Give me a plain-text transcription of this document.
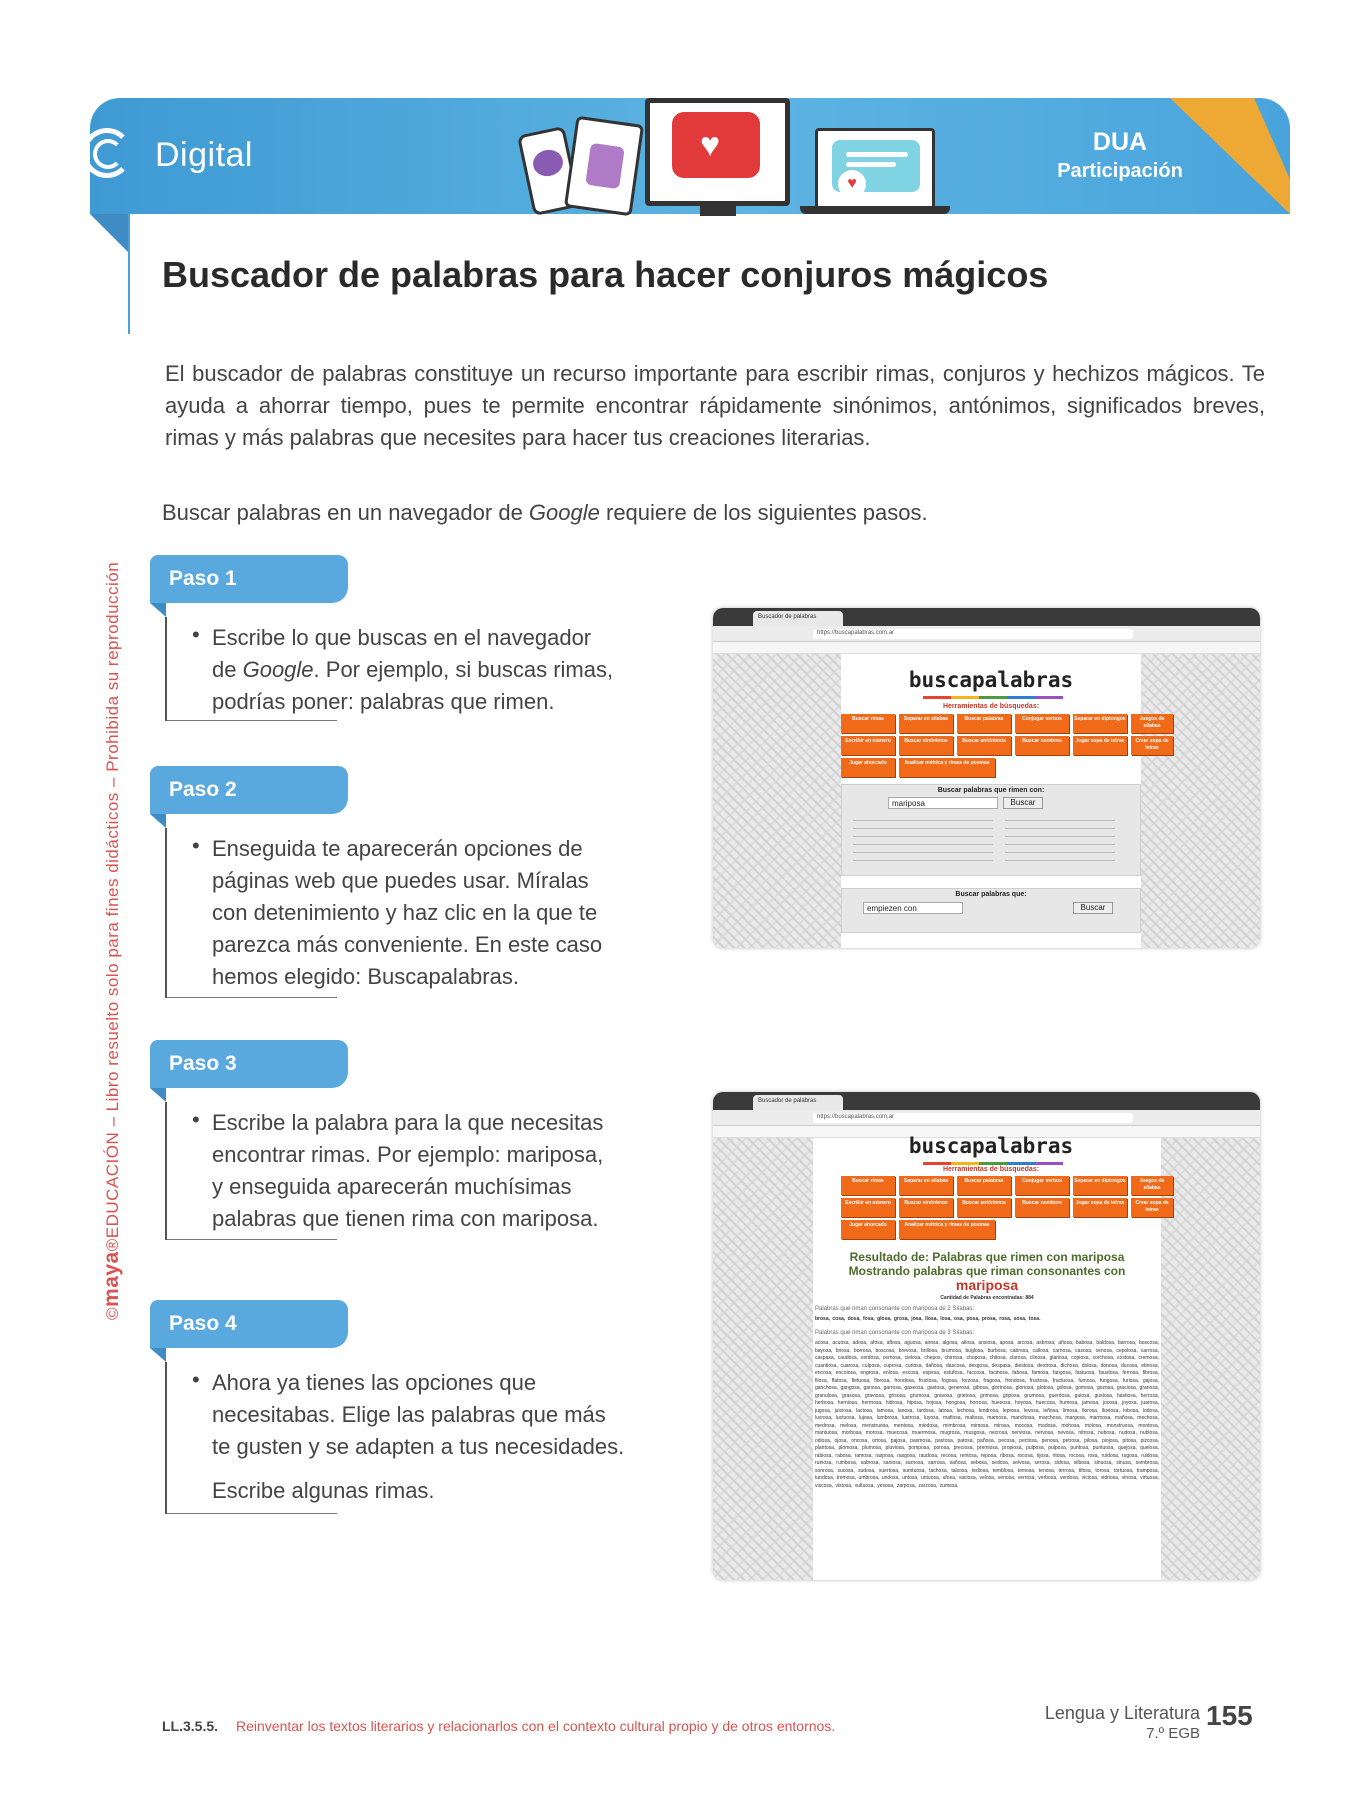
Digital	♥
♥
DUA
Participación
Buscador de palabras para hacer conjuros mágicos
El buscador de palabras constituye un recurso importante para escribir rimas, conjuros y hechizos mágicos. Te ayuda a ahorrar tiempo, pues te permite encontrar rápidamente sinónimos, antónimos, significados breves, rimas y más palabras que necesites para hacer tus creaciones literarias.
Buscar palabras en un navegador de Google requiere de los siguientes pasos.
©maya®EDUCACIÓN – Libro resuelto solo para fines didácticos – Prohibida su reproducción	Paso 1
• Escribe lo que buscas en el navegador
de Google. Por ejemplo, si buscas rimas,
podrías poner: palabras que rimen.
Paso 2
• Enseguida te aparecerán opciones de
páginas web que puedes usar. Míralas
con detenimiento y haz clic en la que te
parezca más conveniente. En este caso
hemos elegido: Buscapalabras.
Paso 3
• Escribe la palabra para la que necesitas
encontrar rimas. Por ejemplo: mariposa,
y enseguida aparecerán muchísimas
palabras que tienen rima con mariposa.
Paso 4
• Ahora ya tienes las opciones que
necesitabas. Elige las palabras que más
te gusten y se adapten a tus necesidades.
Escribe algunas rimas.
Buscador de palabras
https://buscapalabras.com.ar
buscapalabras
Herramientas de búsquedas:
Buscar rimas	Separar en sílabas	Buscar palabras	Conjugar verbos	Separar en diptongos	Juegos de sílabas
Escribir en número	Buscar sinónimos	Buscar antónimos	Buscar nombres	Jugar sopa de letras	Crear sopa de letras
Jugar ahorcado	Analizar métrica y rimas de poemas
Buscar palabras que rimen con:
mariposa	Buscar
Buscar palabras que:
empiezen con	Buscar
Buscador de palabras
https://buscapalabras.com.ar
buscapalabras
Herramientas de búsquedas:
Buscar rimas	Separar en sílabas	Buscar palabras	Conjugar verbos	Separar en diptongos	Juegos de sílabas
Escribir en número	Buscar sinónimos	Buscar antónimos	Buscar nombres	Jugar sopa de letras	Crear sopa de letras
Jugar ahorcado	Analizar métrica y rimas de poemas
Resultado de: Palabras que rimen con mariposa
Mostrando palabras que riman consonantes con
mariposa
Cantidad de Palabras encontradas: 884
Palabras que riman consonante con mariposa de 2 Sílabas:
brosa, cosa, dosa, fosa, glosa, grosa, josa, llosa, losa, osa, posa, prosa, rosa, sosa, tosa.
Palabras que riman consonante con mariposa de 3 Sílabas:
acosa, acuosa, adosa, afosa, aftosa, aguosa, airosa, algosa, aliosa, ansiosa, aposa, arcosa, asbrosa, añosa, babosa, baldosa, barrosa, boscosa, bayosa, briosa, borrosa, boscosa, brevosa, brillosa, brumosa, buglosa, burbosa, cabrosa, callosa, carnosa, casosa, cenosa, cepolosa, carrosa, caspasa, caudosa, cerdosa, cernosa, cielosa, chepos, chirrosa, choposa, chitosa, clarosa, clinosa, glariosa, copiosa, corchosa, costosa, cremosa, cuantiosa, cuarosa, culposa, cuprosa, curiosa, dañosa, dascosa, desgosa, despasa, diestosa, dextrosa, dichosa, dolosa, donosa, ducosa, ebriosa, encosa, encoiosa, engrosa, enlosa, escosa, espesa, estufosa, faccosa, facinosa, fabosa, famosa, fangosa, fastuosa, faustosa, ferrosa, fibrosa, filosa, flatosa, fletuosa, florosa, frondosa, fructosa, fogosa, forzosa, fragosa, frondosa, fructosa, fructuosa, fumosa, fungosa, furiosa, gajosa, ganchosa, gangosa, ganosa, garrosa, gaseosa, gastosa, generosa, gibosa, glorinosa, gloriosa, glotosa, golosa, gomosa, gozosa, graciosa, granosa, granulosa, grasosa, graviosa, grisosa, grumosa, gravosa, grietosa, grimosa, griposa, grumosa, guerdosa, guiosa, gustosa, hastiosa, herrosa, herbosa, herniosa, hermosa, hidrosa, hiposa, hojosa, hongosa, horrosa, huesosa, hoyosa, huecosa, humosa, jamosa, jocosa, joyosa, juarosa, jugosa, juiciosa, lactosa, lamosa, lanosa, lardosa, latosa, lechosa, lendrosa, leprosa, levosa, leñosa, limosa, llorosa, lluviosa, lobosa, lodosa, lucrosa, luctuosa, lujosa, lumbrosa, lustrosa, luyosa, mafiosa, maltosa, mamosa, manchosa, marchosa, margosa, marmosa, mañosa, mechosa, medrosa, melosa, menstruosa, mentosa, miedosa, mimbrosa, mimosa, mirosa, mocosa, modosa, mohosa, molosa, monstruosa, montosa, mantuosa, morbosa, morosa, muecosa, muermosa, mugrosa, musgosa, necrosa, nerviosa, nervosa, nevosa, nitrosa, nubosa, nudosa, nublosa, odiosa, ojosa, oncosa, ortosa, pajosa, pasmosa, pastosa, patosa, pañosa, pecosa, pectosa, penosa, petrosa, pilosa, piojosa, pitosa, pizcosa, plantosa, plomosa, plumosa, pluviosa, pomposa, porosa, preciosa, premiosa, propiosa, pulposa, pulposa, puntosa, puntuosa, quejosa, quelosa, rabiosa, rabosa, ramosa, rasposa, rasgosa, raudosa, recosa, rentosa, reposa, ribosa, rocosa, rijosa, ritosa, rocosa, rosa, ruidosa, rugosa, ruidosa, ruinosa, rumbosa, sabrosa, saniosa, sarnosa, sarrosa, sañosa, sebosa, sedosa, selvosa, serosa, sidosa, silbosa, sinuosa, sinusa, sombrosa, sonrosa, sucosa, sudosa, suertosa, sumtuosa, tachosa, talcosa, tediosa, temblosa, temosa, tenosa, terrosa, tifosa, torosa, tortuosa, tramposa, tundosa, tremosa, umbrosa, undosa, untosa, untuosa, ufosa, vaciosa, velosa, venosa, verrosa, verbosa, verdosa, viciosa, vidriosa, vinosa, virtuosa, viscosa, vistosa, vultuosa, yesosa, zarposa, zarzosa, zumosa.
LL.3.5.5. Reinventar los textos literarios y relacionarlos con el contexto cultural propio y de otros entornos.
Lengua y Literatura
7.º EGB
155
